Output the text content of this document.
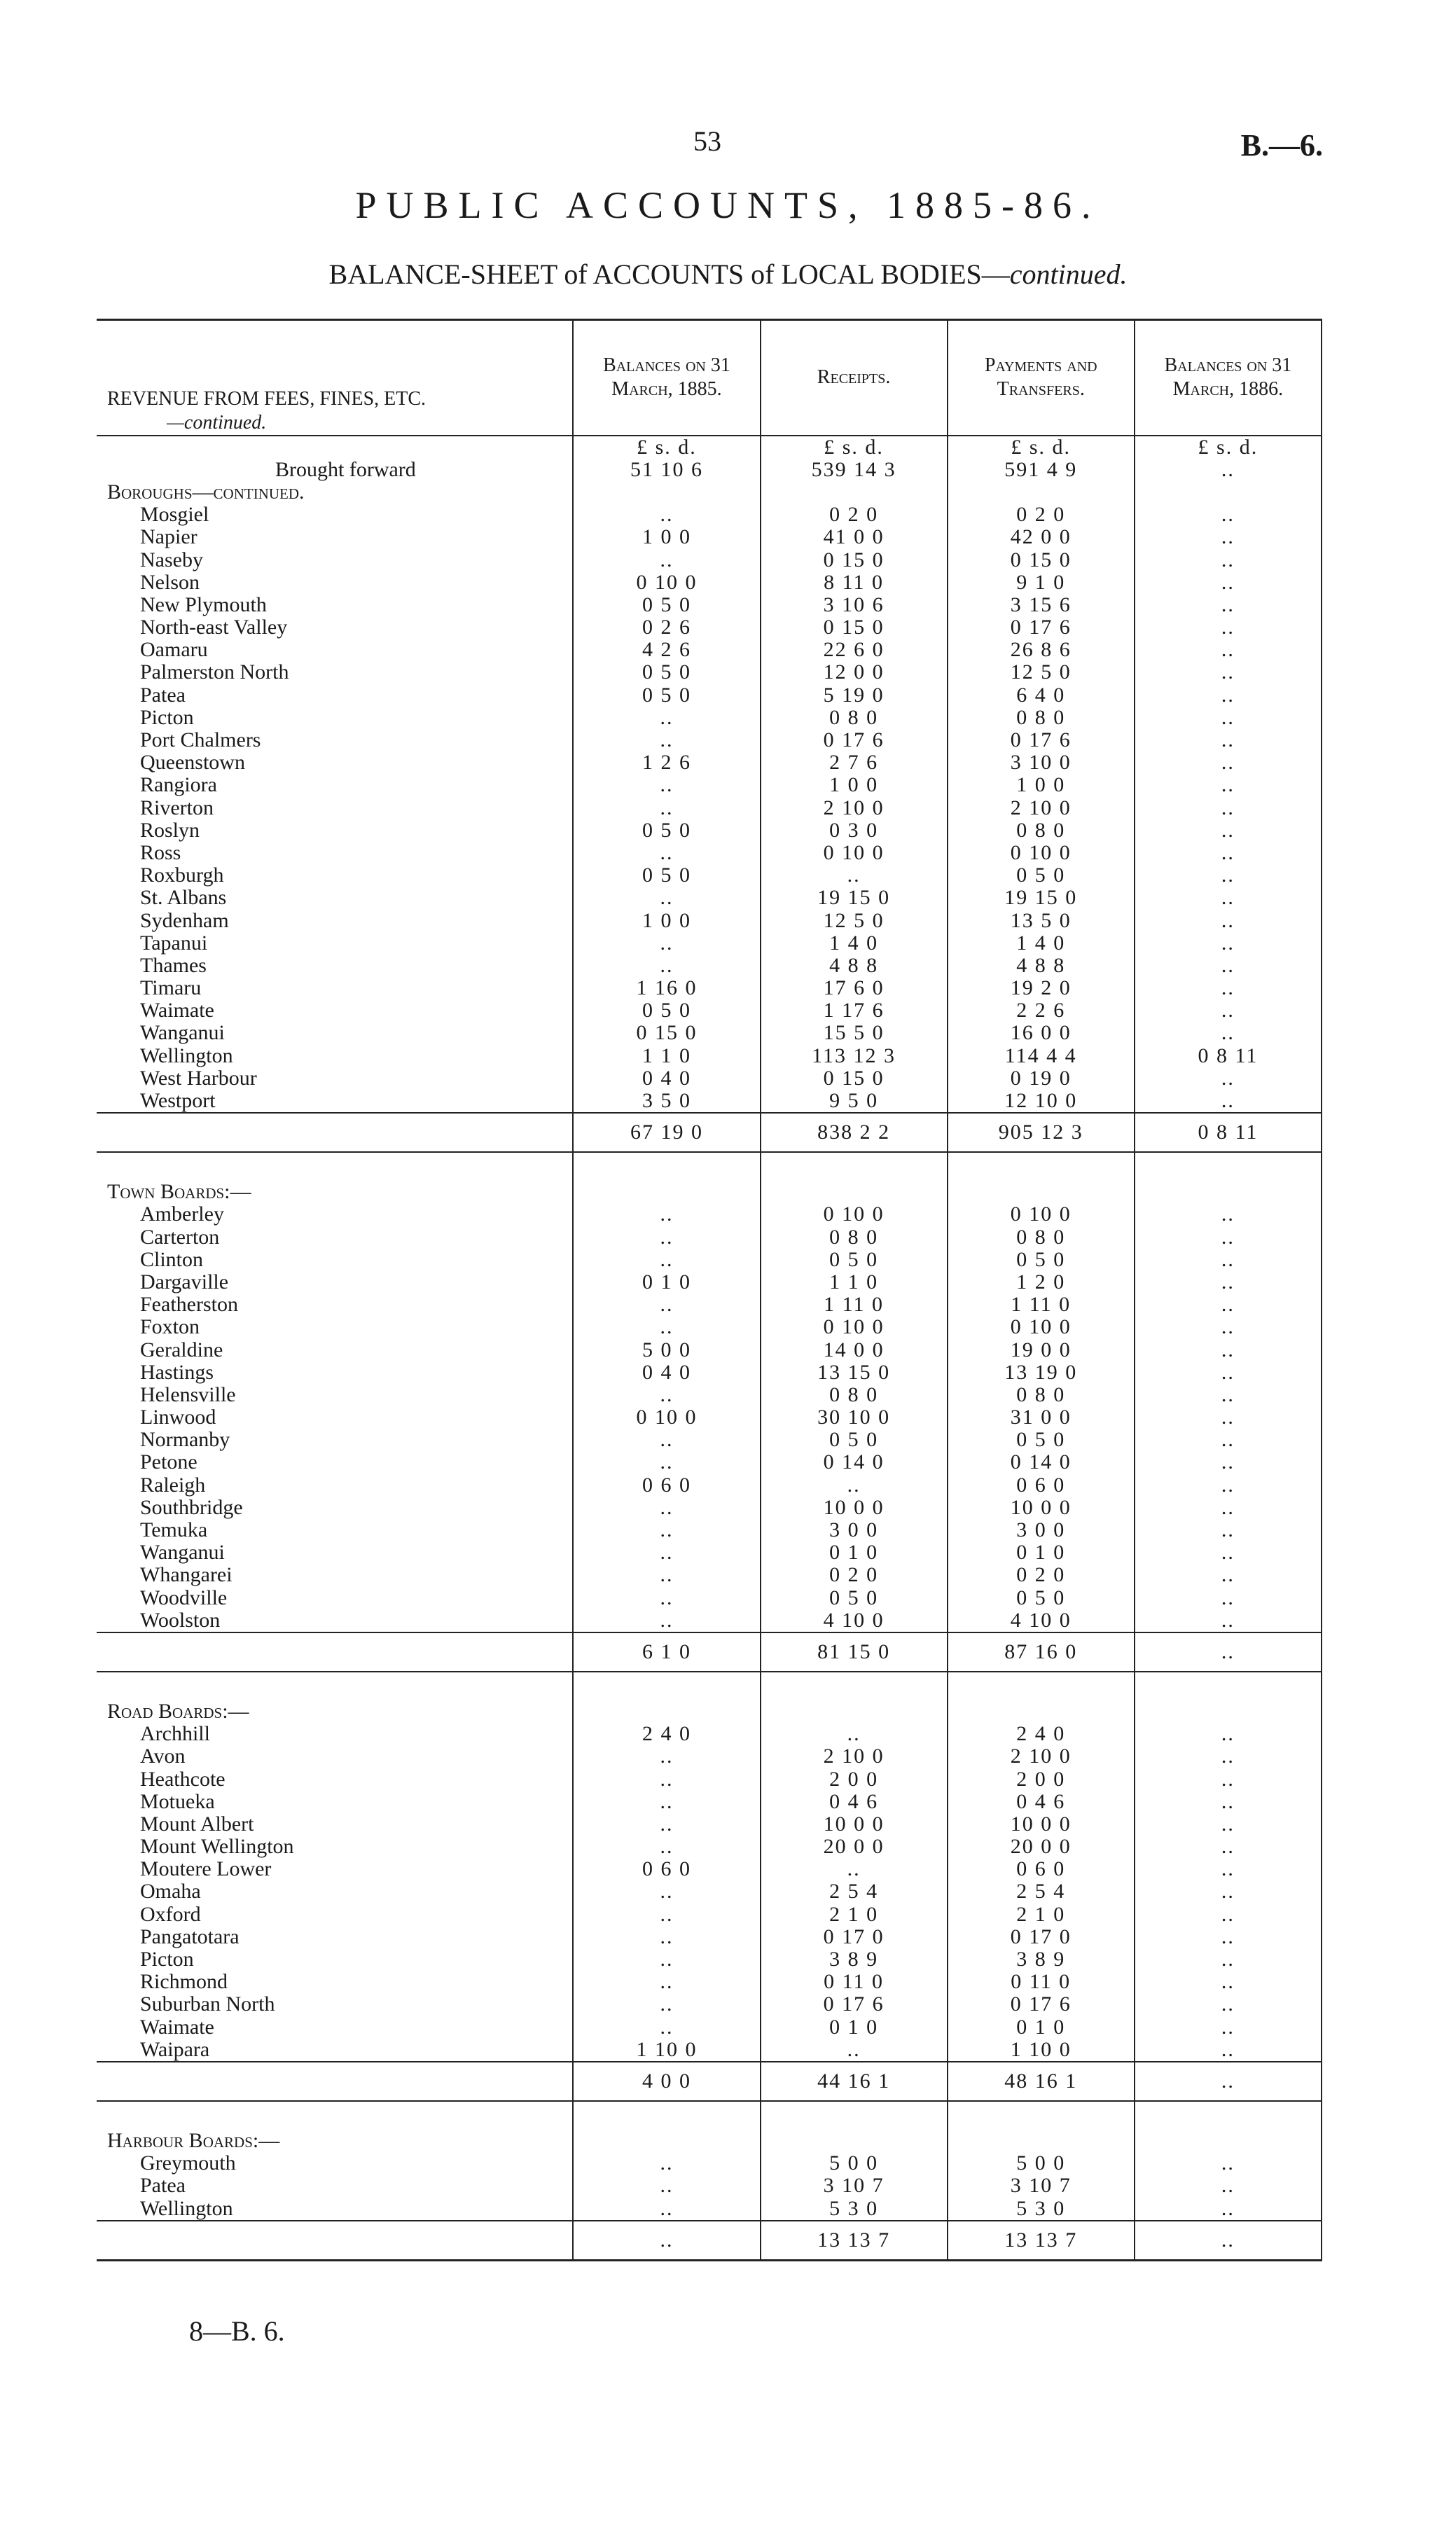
53	B.—6.
PUBLIC ACCOUNTS, 1885-86.
BALANCE-SHEET of ACCOUNTS of LOCAL BODIES—continued.
REVENUE FROM FEES, FINES, ETC.
—continued.	Balances on 31 March, 1885.	Receipts.	Payments and Transfers.	Balances on 31 March, 1886.
	£ s. d.	£ s. d.	£ s. d.	£ s. d.
Brought forward	51 10 6	539 14 3	591 4 9	..
Boroughs—continued.				
Mosgiel	..	0 2 0	0 2 0	..
Napier	1 0 0	41 0 0	42 0 0	..
Naseby	..	0 15 0	0 15 0	..
Nelson	0 10 0	8 11 0	9 1 0	..
New Plymouth	0 5 0	3 10 6	3 15 6	..
North-east Valley	0 2 6	0 15 0	0 17 6	..
Oamaru	4 2 6	22 6 0	26 8 6	..
Palmerston North	0 5 0	12 0 0	12 5 0	..
Patea	0 5 0	5 19 0	6 4 0	..
Picton	..	0 8 0	0 8 0	..
Port Chalmers	..	0 17 6	0 17 6	..
Queenstown	1 2 6	2 7 6	3 10 0	..
Rangiora	..	1 0 0	1 0 0	..
Riverton	..	2 10 0	2 10 0	..
Roslyn	0 5 0	0 3 0	0 8 0	..
Ross	..	0 10 0	0 10 0	..
Roxburgh	0 5 0	..	0 5 0	..
St. Albans	..	19 15 0	19 15 0	..
Sydenham	1 0 0	12 5 0	13 5 0	..
Tapanui	..	1 4 0	1 4 0	..
Thames	..	4 8 8	4 8 8	..
Timaru	1 16 0	17 6 0	19 2 0	..
Waimate	0 5 0	1 17 6	2 2 6	..
Wanganui	0 15 0	15 5 0	16 0 0	..
Wellington	1 1 0	113 12 3	114 4 4	0 8 11
West Harbour	0 4 0	0 15 0	0 19 0	..
Westport	3 5 0	9 5 0	12 10 0	..
	67 19 0	838 2 2	905 12 3	0 8 11

Town Boards:—				
Amberley	..	0 10 0	0 10 0	..
Carterton	..	0 8 0	0 8 0	..
Clinton	..	0 5 0	0 5 0	..
Dargaville	0 1 0	1 1 0	1 2 0	..
Featherston	..	1 11 0	1 11 0	..
Foxton	..	0 10 0	0 10 0	..
Geraldine	5 0 0	14 0 0	19 0 0	..
Hastings	0 4 0	13 15 0	13 19 0	..
Helensville	..	0 8 0	0 8 0	..
Linwood	0 10 0	30 10 0	31 0 0	..
Normanby	..	0 5 0	0 5 0	..
Petone	..	0 14 0	0 14 0	..
Raleigh	0 6 0	..	0 6 0	..
Southbridge	..	10 0 0	10 0 0	..
Temuka	..	3 0 0	3 0 0	..
Wanganui	..	0 1 0	0 1 0	..
Whangarei	..	0 2 0	0 2 0	..
Woodville	..	0 5 0	0 5 0	..
Woolston	..	4 10 0	4 10 0	..
	6 1 0	81 15 0	87 16 0	..

Road Boards:—				
Archhill	2 4 0	..	2 4 0	..
Avon	..	2 10 0	2 10 0	..
Heathcote	..	2 0 0	2 0 0	..
Motueka	..	0 4 6	0 4 6	..
Mount Albert	..	10 0 0	10 0 0	..
Mount Wellington	..	20 0 0	20 0 0	..
Moutere Lower	0 6 0	..	0 6 0	..
Omaha	..	2 5 4	2 5 4	..
Oxford	..	2 1 0	2 1 0	..
Pangatotara	..	0 17 0	0 17 0	..
Picton	..	3 8 9	3 8 9	..
Richmond	..	0 11 0	0 11 0	..
Suburban North	..	0 17 6	0 17 6	..
Waimate	..	0 1 0	0 1 0	..
Waipara	1 10 0	..	1 10 0	..
	4 0 0	44 16 1	48 16 1	..

Harbour Boards:—				
Greymouth	..	5 0 0	5 0 0	..
Patea	..	3 10 7	3 10 7	..
Wellington	..	5 3 0	5 3 0	..
	..	13 13 7	13 13 7	..
8—B. 6.
